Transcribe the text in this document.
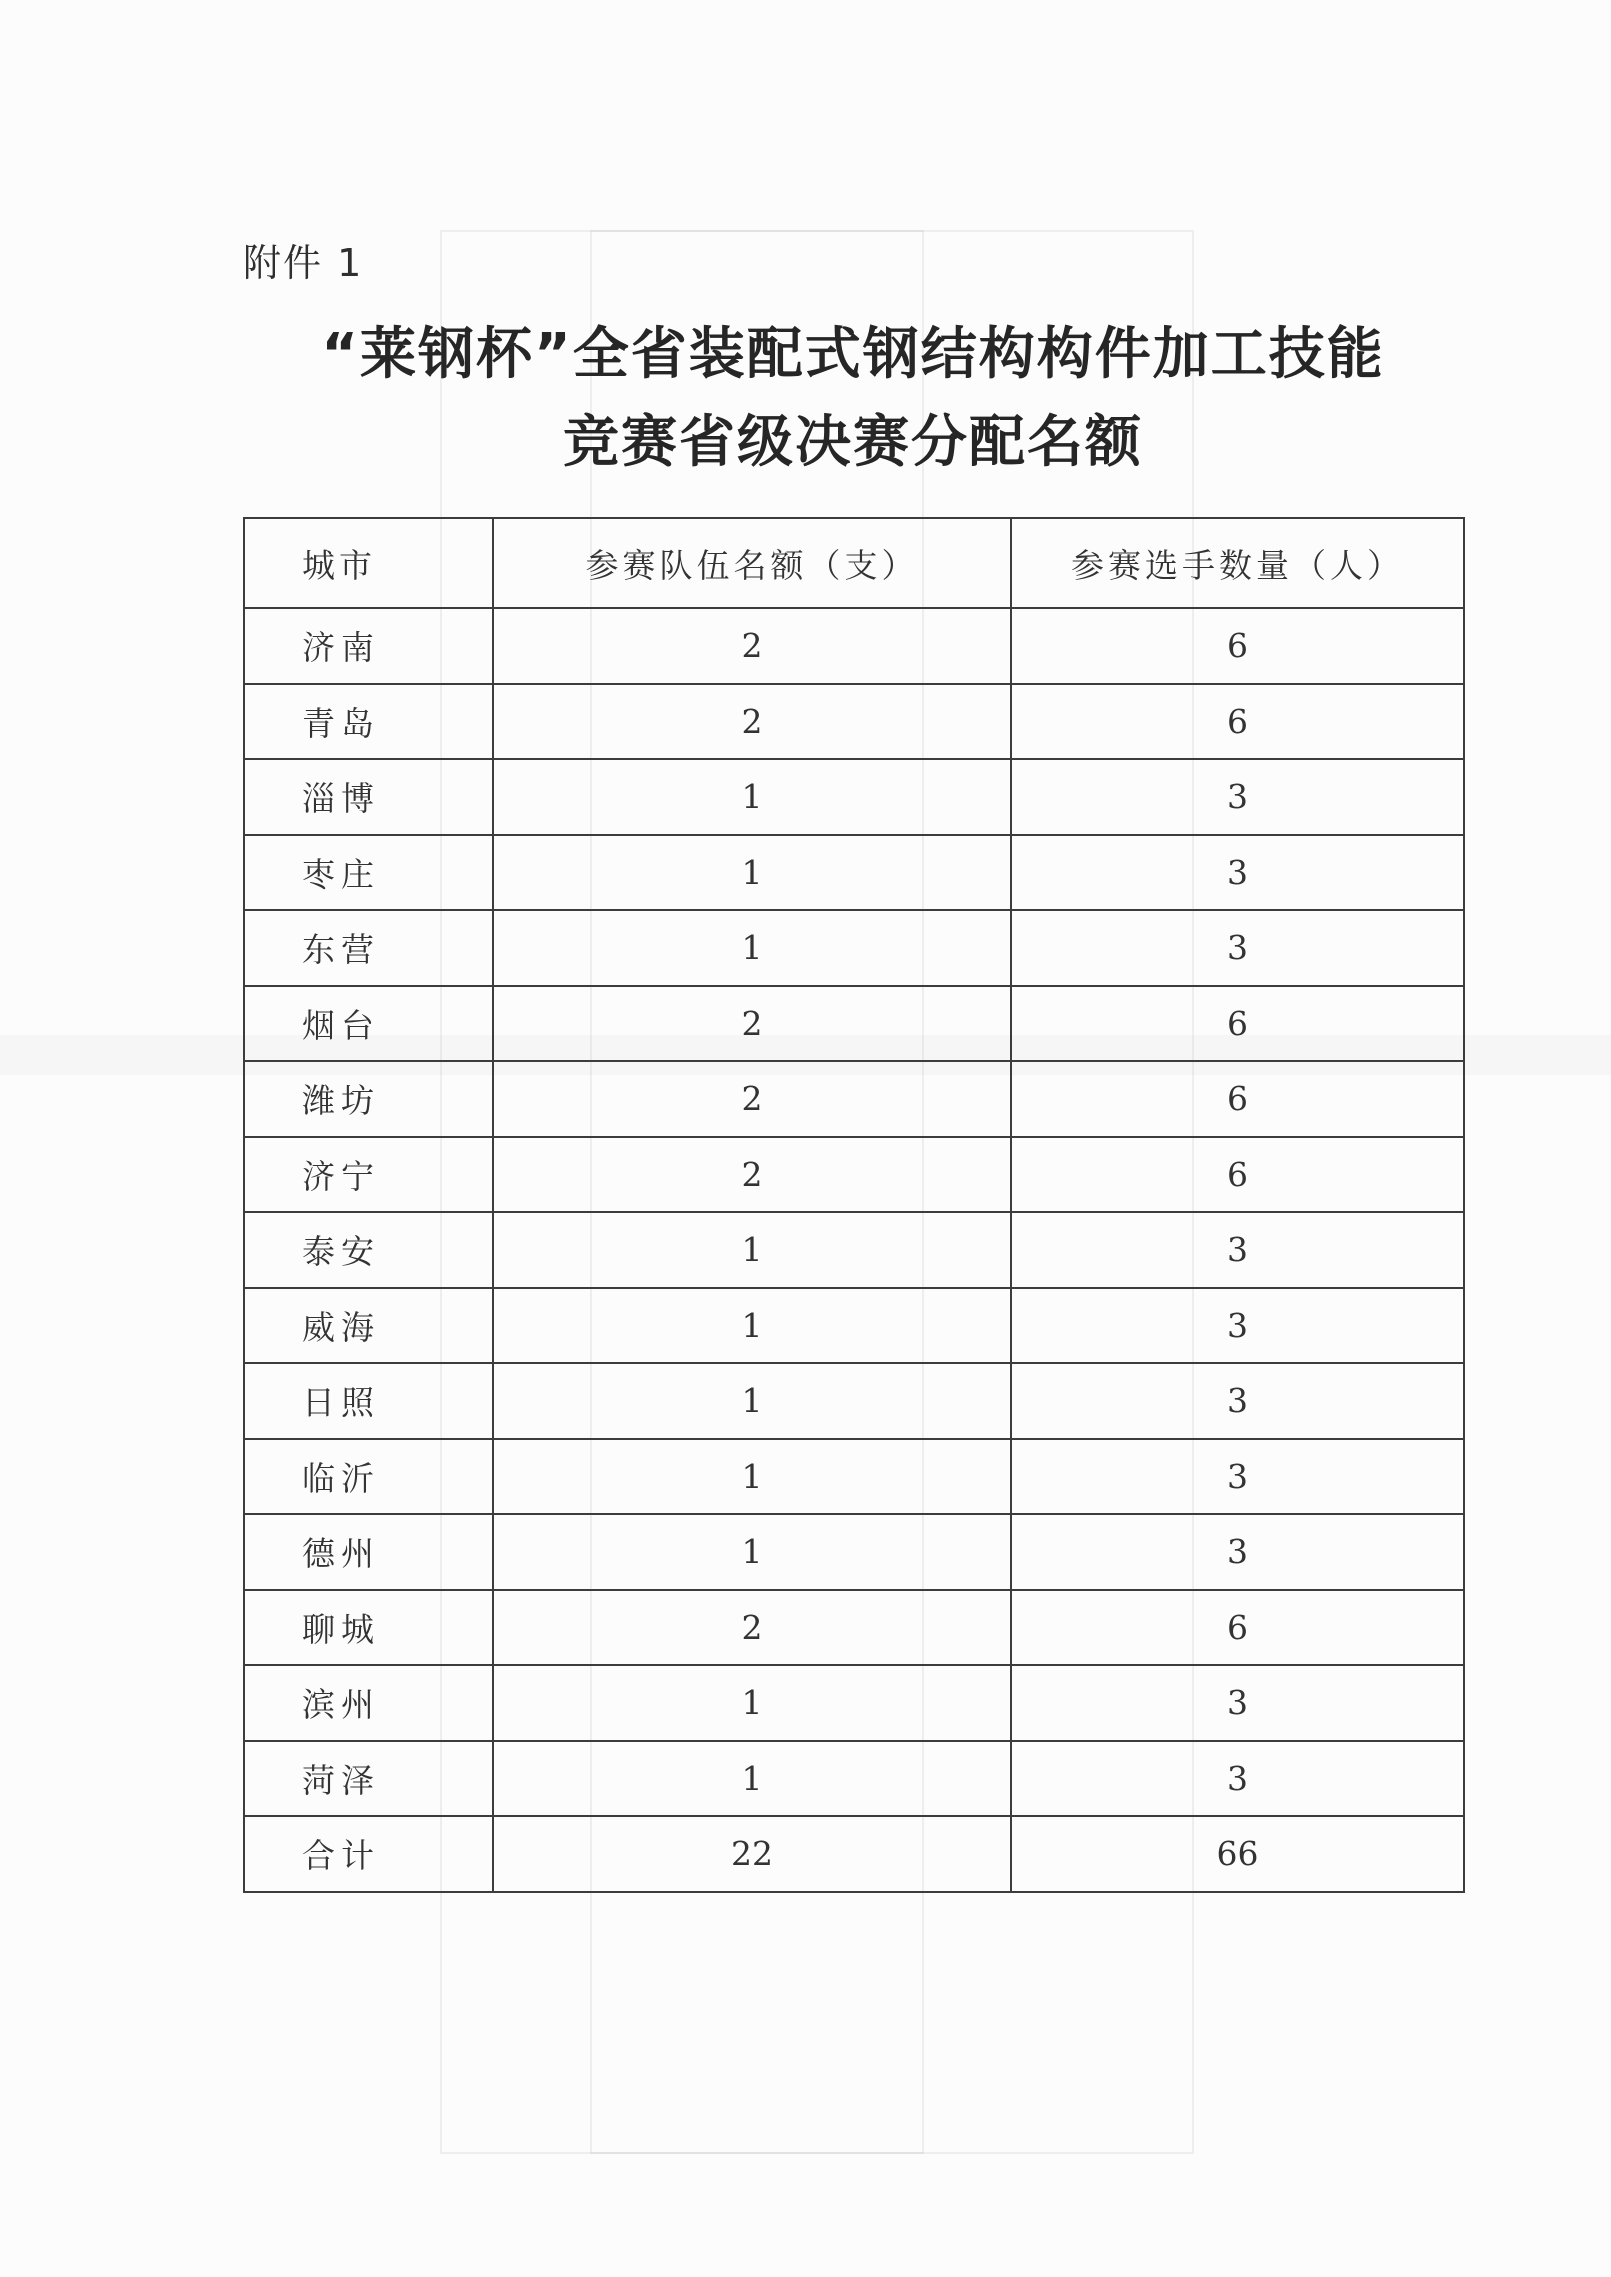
附件 1
“莱钢杯”全省装配式钢结构构件加工技能
竞赛省级决赛分配名额
城市	参赛队伍名额（支）	参赛选手数量（人）
济南	2	6
青岛	2	6
淄博	1	3
枣庄	1	3
东营	1	3
烟台	2	6
潍坊	2	6
济宁	2	6
泰安	1	3
威海	1	3
日照	1	3
临沂	1	3
德州	1	3
聊城	2	6
滨州	1	3
菏泽	1	3
合计	22	66
